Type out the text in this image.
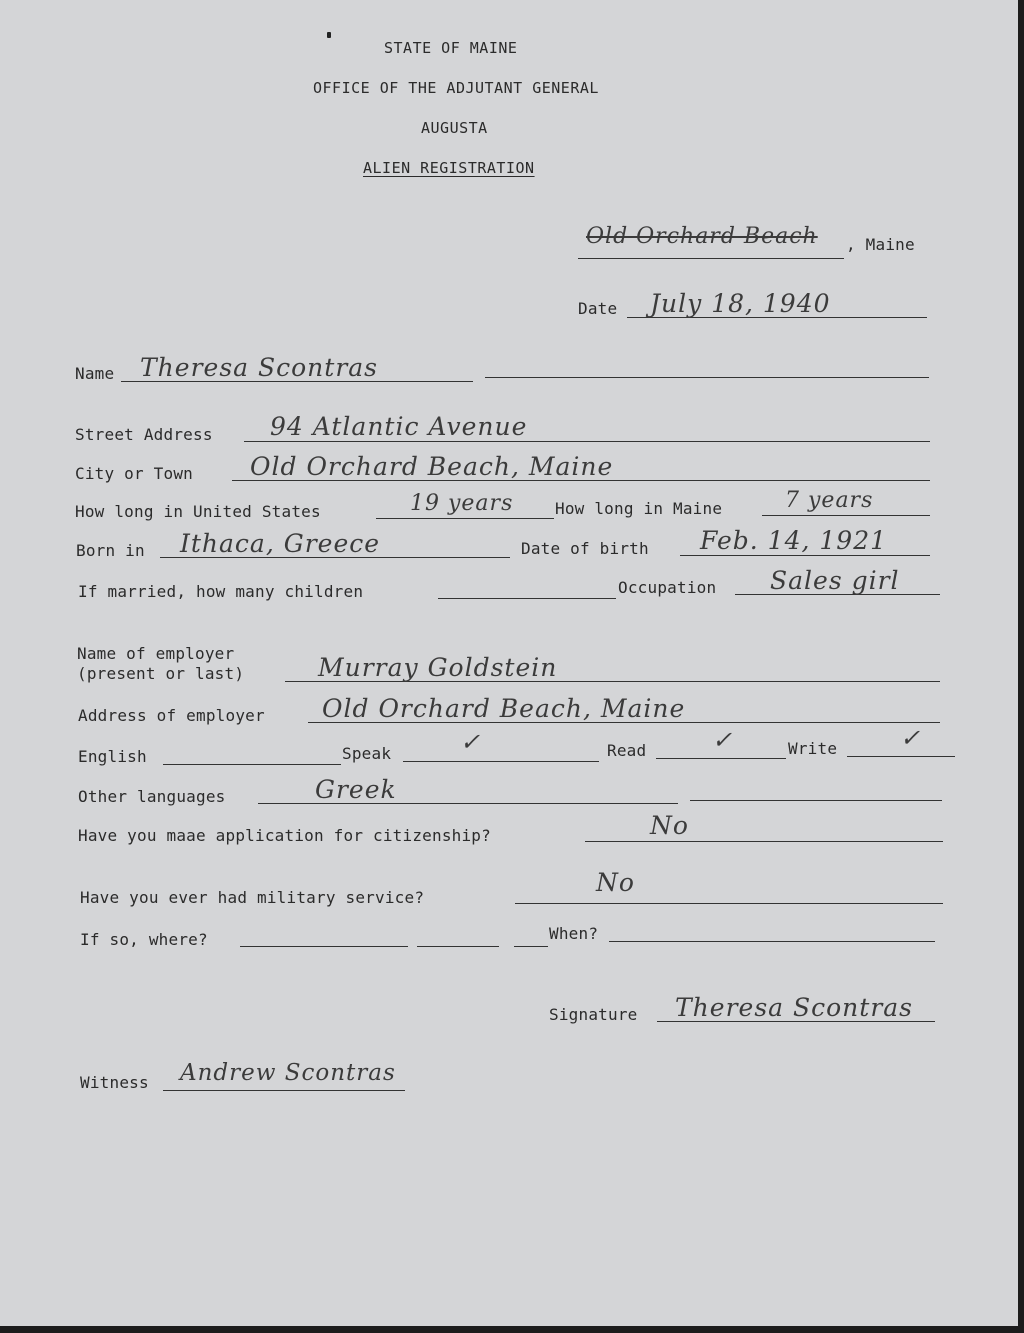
STATE OF MAINE
OFFICE OF THE ADJUTANT GENERAL
AUGUSTA
ALIEN REGISTRATION
Old Orchard Beach , Maine
Date July 18, 1940
Name Theresa Scontras
Street Address 94 Atlantic Avenue
City or Town Old Orchard Beach, Maine
How long in United States	19 years	How long in Maine	7 years
Born in Ithaca, Greece	Date of birth Feb. 14, 1921
If married, how many children	Occupation Sales girl
Name of employer
(present or last)	Murray Goldstein
Address of employer Old Orchard Beach, Maine
English	Speak	✓	Read	✓	Write	✓
Other languages	Greek
Have you maae application for citizenship?	No
Have you ever had military service?
No
If so, where?	When?
Signature Theresa Scontras
Witness Andrew Scontras
